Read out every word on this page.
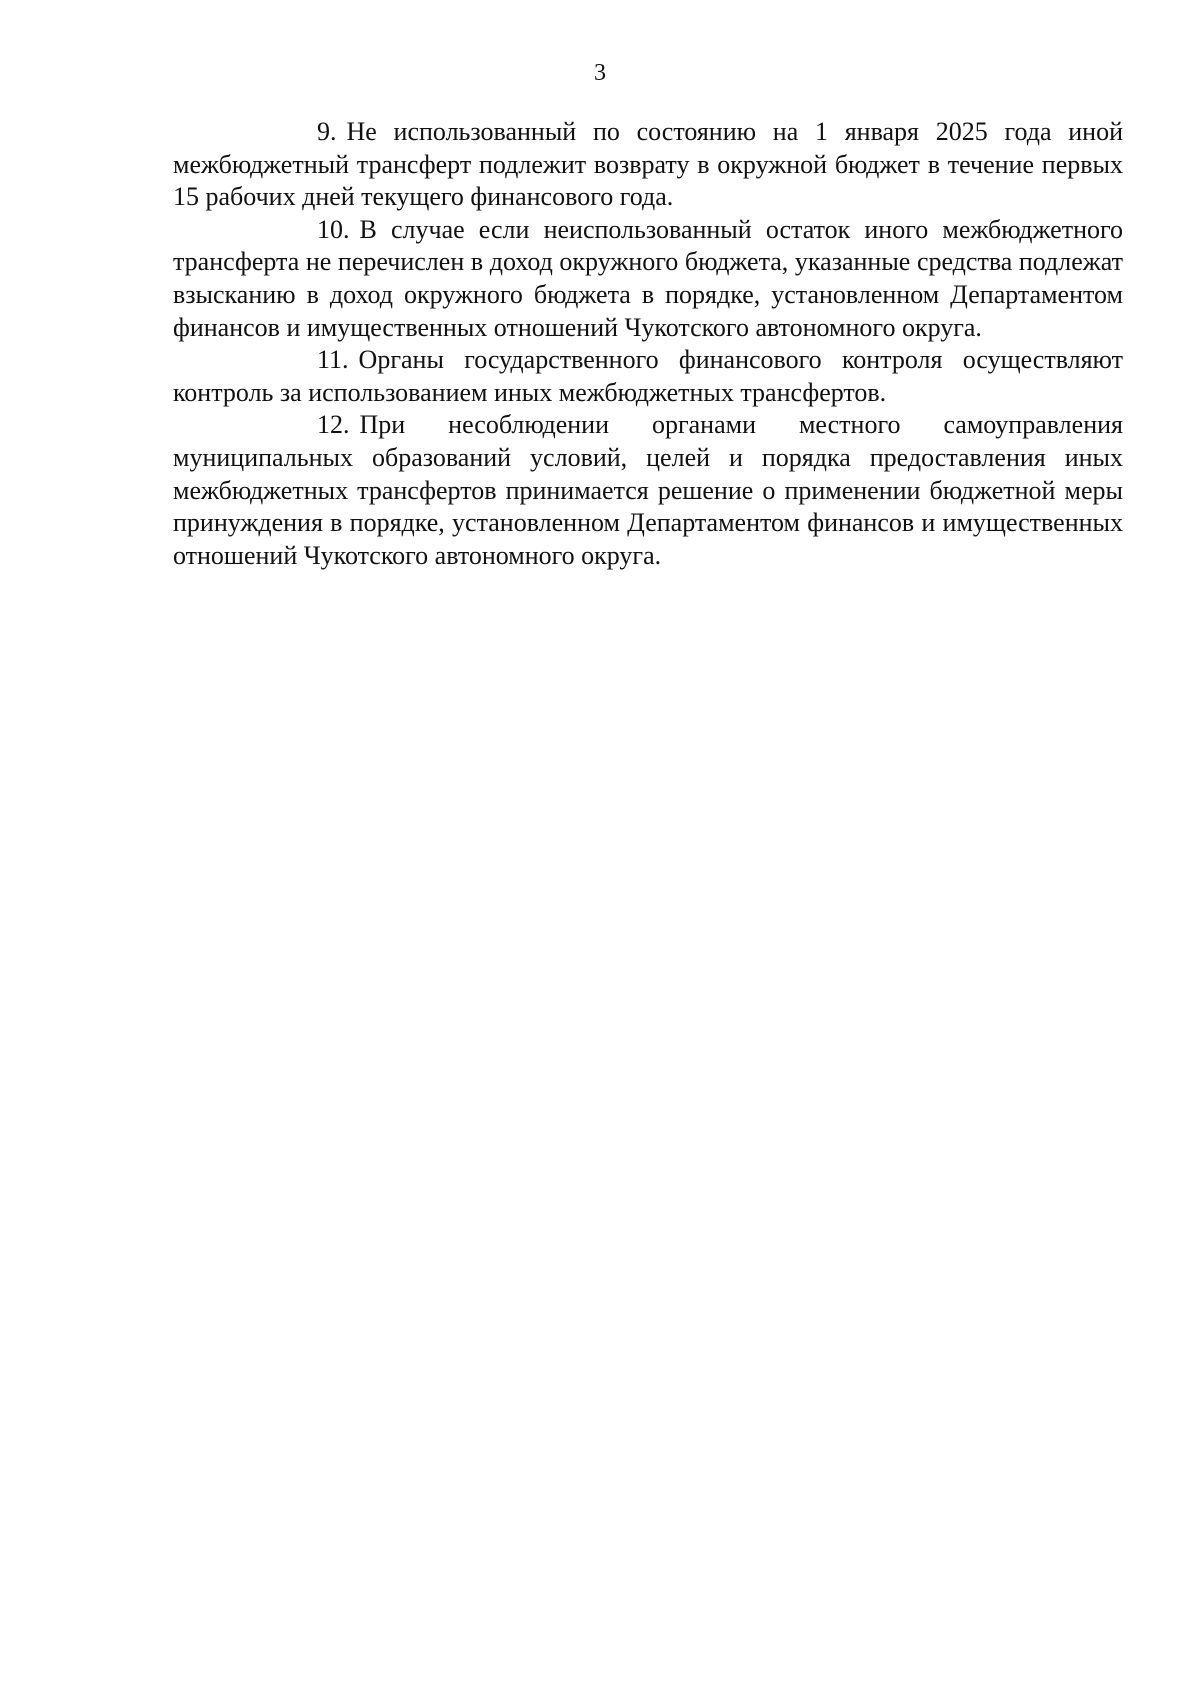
3

9. Не использованный по состоянию на 1 января 2025 года иной межбюджетный трансферт подлежит возврату в окружной бюджет в течение первых 15 рабочих дней текущего финансового года.

10. В случае если неиспользованный остаток иного межбюджетного трансферта не перечислен в доход окружного бюджета, указанные средства подлежат взысканию в доход окружного бюджета в порядке, установленном Департаментом финансов и имущественных отношений Чукотского автономного округа.

11. Органы государственного финансового контроля осуществляют контроль за использованием иных межбюджетных трансфертов.

12. При несоблюдении органами местного самоуправления муниципальных образований условий, целей и порядка предоставления иных межбюджетных трансфертов принимается решение о применении бюджетной меры принуждения в порядке, установленном Департаментом финансов и имущественных отношений Чукотского автономного округа.
